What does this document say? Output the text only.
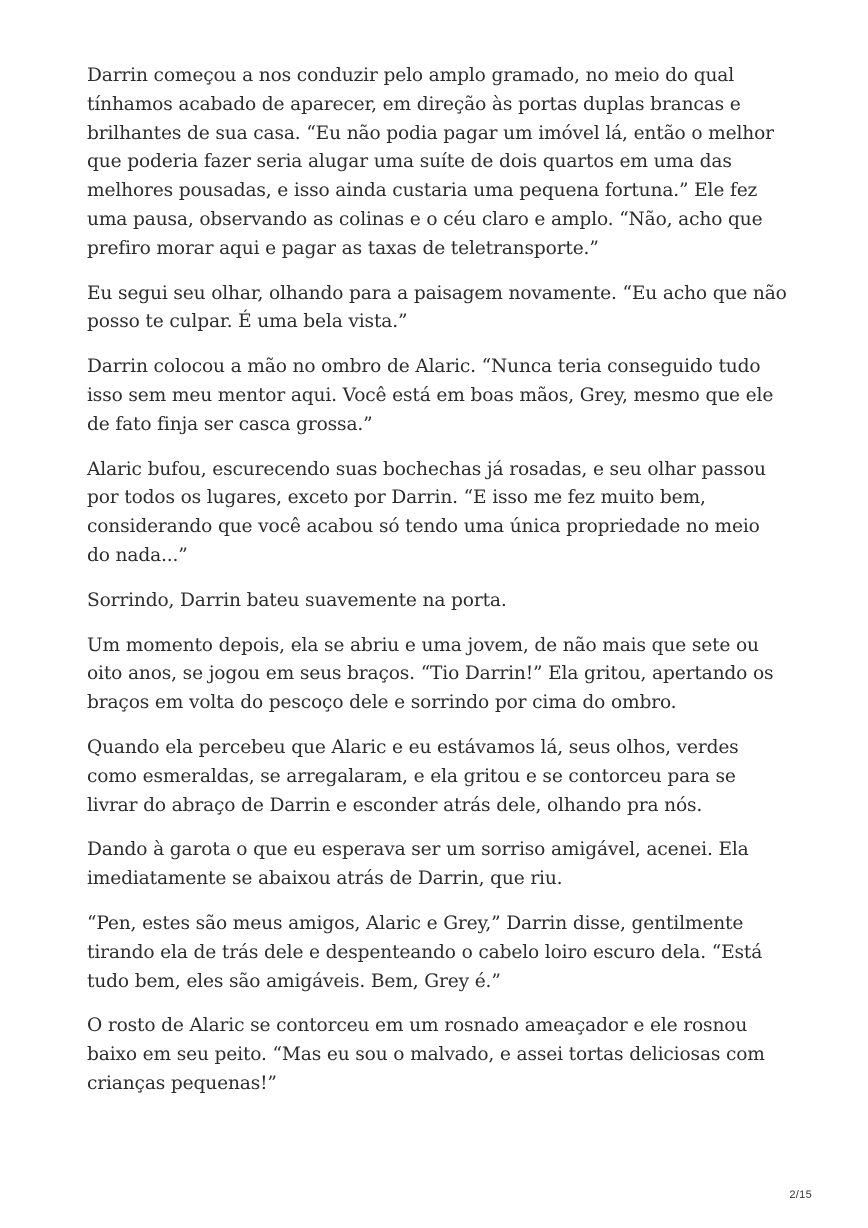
Darrin começou a nos conduzir pelo amplo gramado, no meio do qual tínhamos acabado de aparecer, em direção às portas duplas brancas e brilhantes de sua casa. “Eu não podia pagar um imóvel lá, então o melhor que poderia fazer seria alugar uma suíte de dois quartos em uma das melhores pousadas, e isso ainda custaria uma pequena fortuna.” Ele fez uma pausa, observando as colinas e o céu claro e amplo. “Não, acho que prefiro morar aqui e pagar as taxas de teletransporte.”

Eu segui seu olhar, olhando para a paisagem novamente. “Eu acho que não posso te culpar. É uma bela vista.”

Darrin colocou a mão no ombro de Alaric. “Nunca teria conseguido tudo isso sem meu mentor aqui. Você está em boas mãos, Grey, mesmo que ele de fato finja ser casca grossa.”

Alaric bufou, escurecendo suas bochechas já rosadas, e seu olhar passou por todos os lugares, exceto por Darrin. “E isso me fez muito bem, considerando que você acabou só tendo uma única propriedade no meio do nada...”

Sorrindo, Darrin bateu suavemente na porta.

Um momento depois, ela se abriu e uma jovem, de não mais que sete ou oito anos, se jogou em seus braços. “Tio Darrin!” Ela gritou, apertando os braços em volta do pescoço dele e sorrindo por cima do ombro.

Quando ela percebeu que Alaric e eu estávamos lá, seus olhos, verdes como esmeraldas, se arregalaram, e ela gritou e se contorceu para se livrar do abraço de Darrin e esconder atrás dele, olhando pra nós.

Dando à garota o que eu esperava ser um sorriso amigável, acenei. Ela imediatamente se abaixou atrás de Darrin, que riu.

“Pen, estes são meus amigos, Alaric e Grey,” Darrin disse, gentilmente tirando ela de trás dele e despenteando o cabelo loiro escuro dela. “Está tudo bem, eles são amigáveis. Bem, Grey é.”

O rosto de Alaric se contorceu em um rosnado ameaçador e ele rosnou baixo em seu peito. “Mas eu sou o malvado, e assei tortas deliciosas com crianças pequenas!”

2/15
